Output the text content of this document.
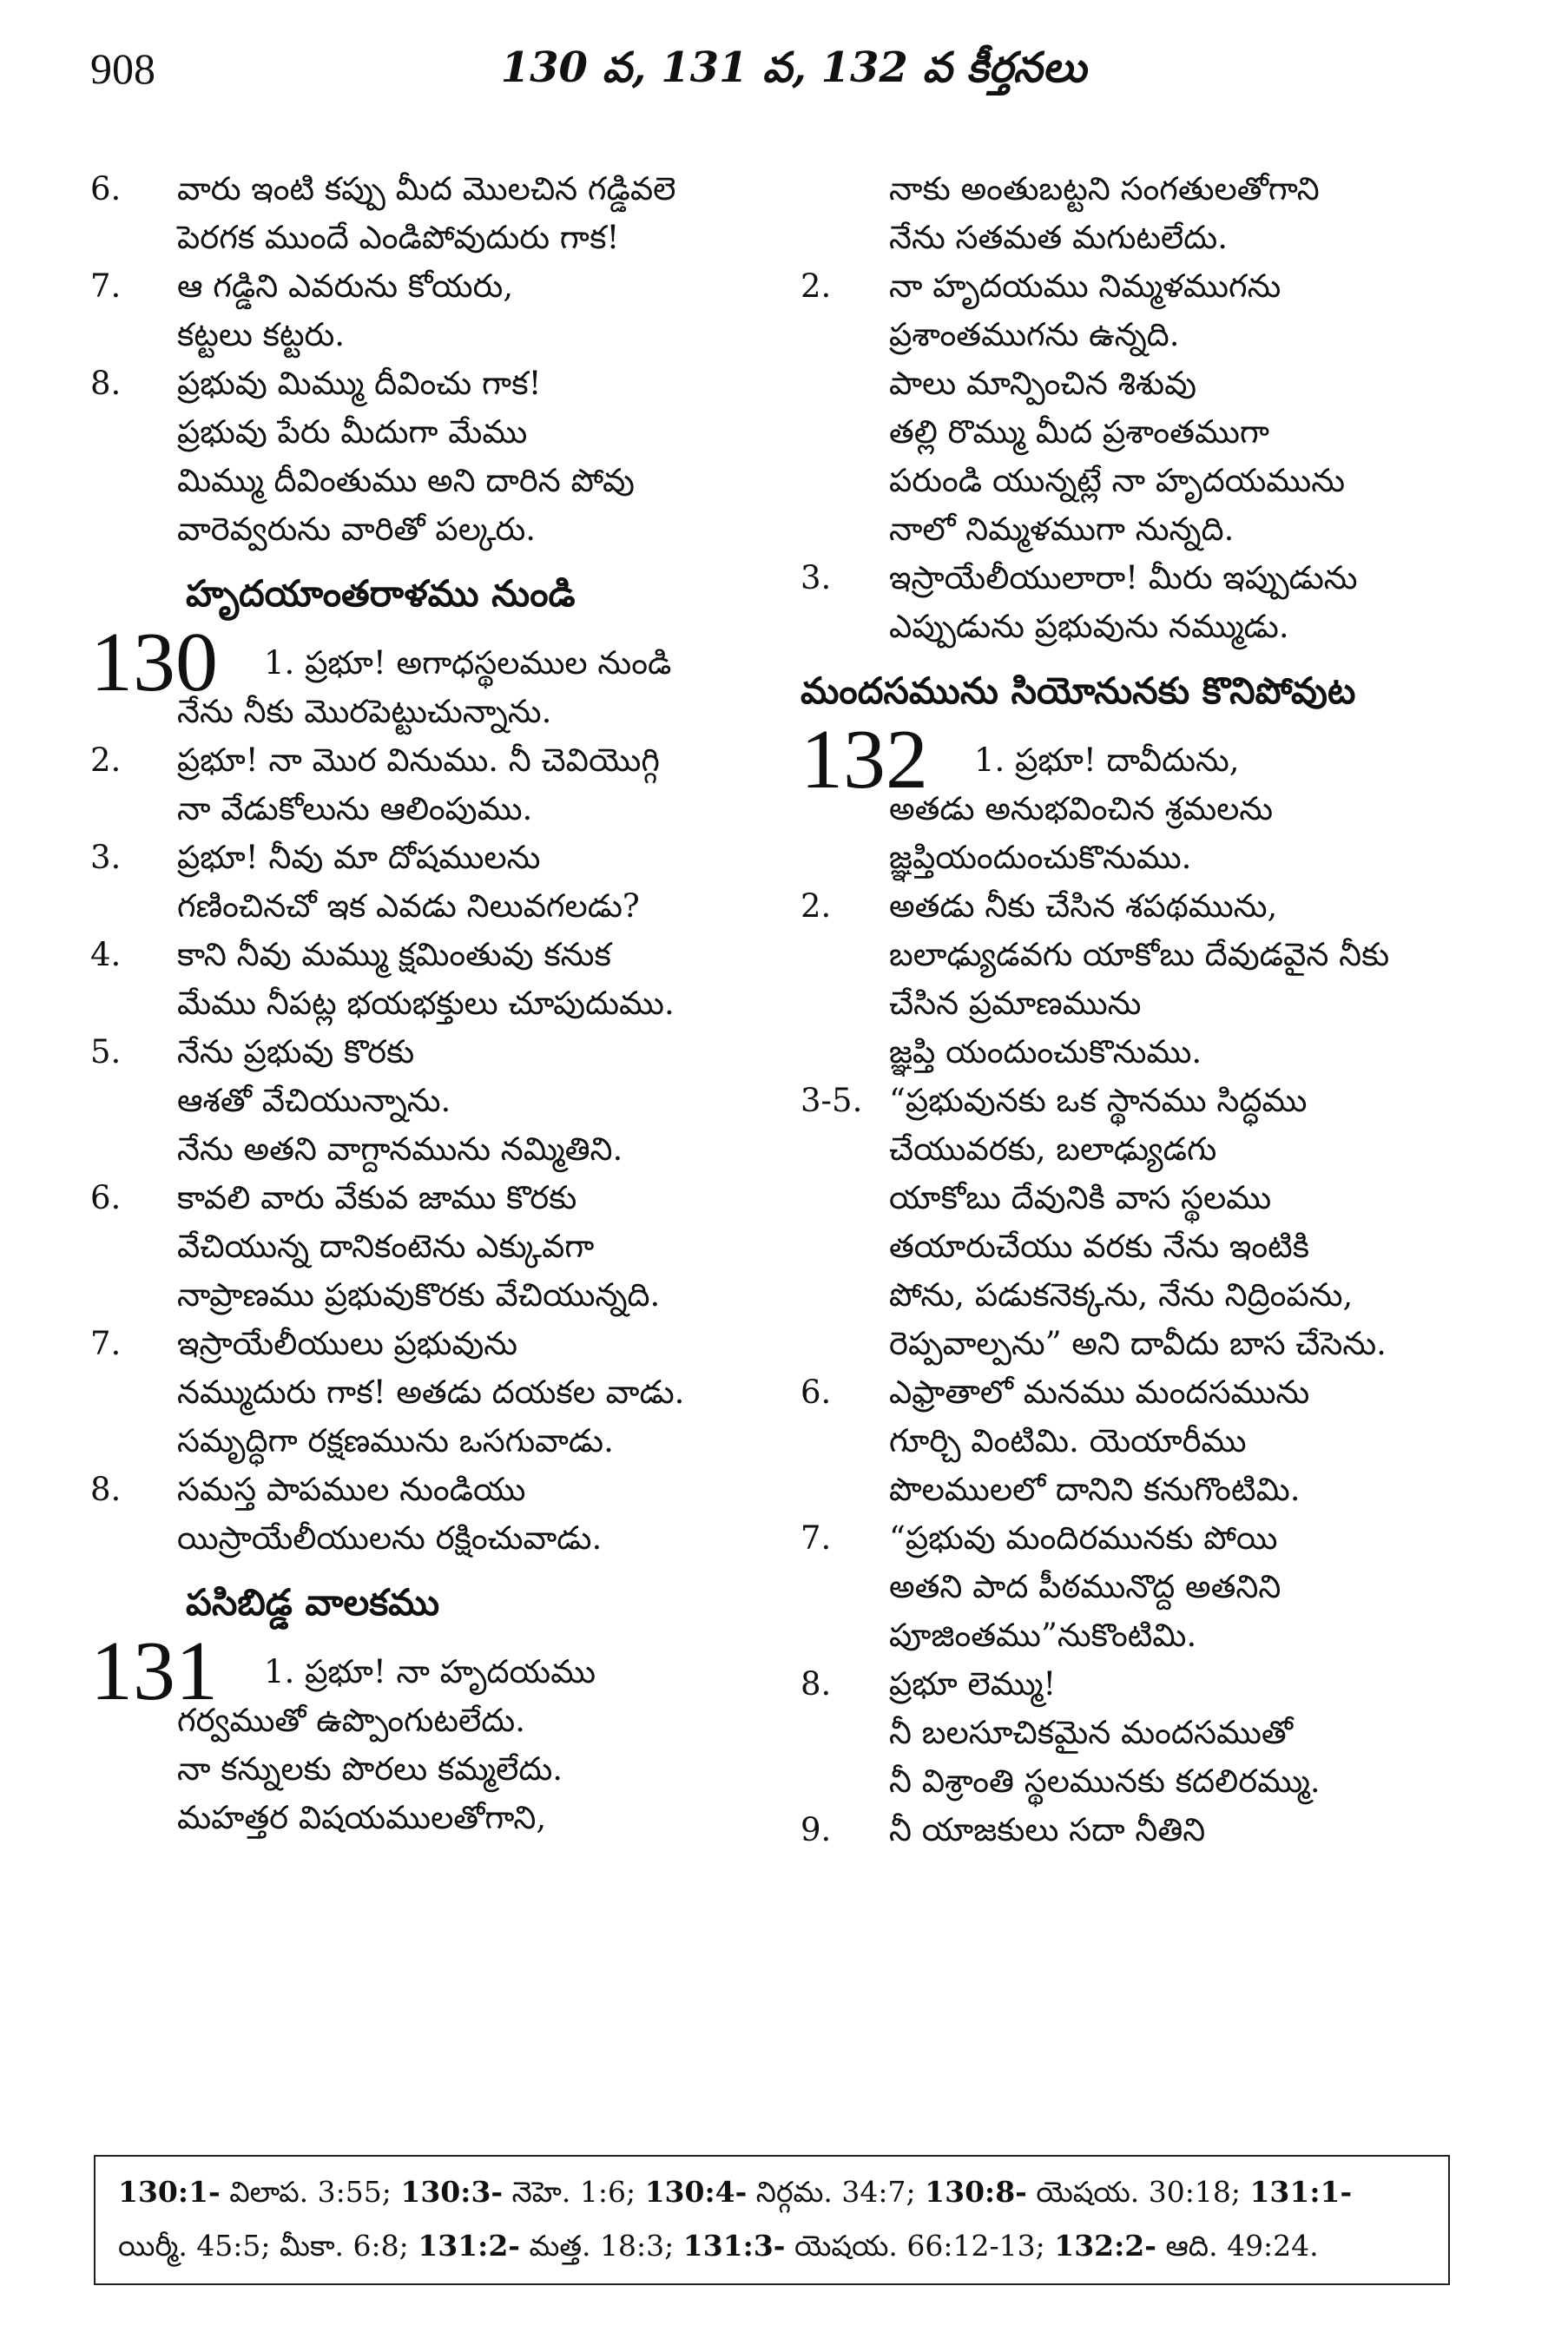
908	130 వ, 131 వ, 132 వ కీర్తనలు
6. వారు ఇంటి కప్పు మీద మొలచిన గడ్డివలె
పెరగక ముందే ఎండిపోవుదురు గాక!
7. ఆ గడ్డిని ఎవరును కోయరు,
కట్టలు కట్టరు.
8. ప్రభువు మిమ్ము దీవించు గాక!
ప్రభువు పేరు మీదుగా మేము
మిమ్ము దీవింతుము అని దారిన పోవు
వారెవ్వరును వారితో పల్కరు.
హృదయాంతరాళము నుండి
130 1. ప్రభూ! అగాధస్థలముల నుండి
నేను నీకు మొరపెట్టుచున్నాను.
2. ప్రభూ! నా మొర వినుము. నీ చెవియొగ్గి
నా వేడుకోలును ఆలింపుము.
3. ప్రభూ! నీవు మా దోషములను
గణించినచో ఇక ఎవడు నిలువగలడు?
4. కాని నీవు మమ్ము క్షమింతువు కనుక
మేము నీపట్ల భయభక్తులు చూపుదుము.
5. నేను ప్రభువు కొరకు
ఆశతో వేచియున్నాను.
నేను అతని వాగ్దానమును నమ్మితిని.
6. కావలి వారు వేకువ జాము కొరకు
వేచియున్న దానికంటెను ఎక్కువగా
నాప్రాణము ప్రభువుకొరకు వేచియున్నది.
7. ఇస్రాయేలీయులు ప్రభువును
నమ్ముదురు గాక! అతడు దయకల వాడు.
సమృద్ధిగా రక్షణమును ఒసగువాడు.
8. సమస్త పాపముల నుండియు
యిస్రాయేలీయులను రక్షించువాడు.
పసిబిడ్డ వాలకము
131 1. ప్రభూ! నా హృదయము
గర్వముతో ఉప్పొంగుటలేదు.
నా కన్నులకు పొరలు కమ్మలేదు.
మహత్తర విషయములతోగాని,
నాకు అంతుబట్టని సంగతులతోగాని
నేను సతమత మగుటలేదు.
2. నా హృదయము నిమ్మళముగను
ప్రశాంతముగను ఉన్నది.
పాలు మాన్పించిన శిశువు
తల్లి రొమ్ము మీద ప్రశాంతముగా
పరుండి యున్నట్లే నా హృదయమును
నాలో నిమ్మళముగా నున్నది.
3. ఇస్రాయేలీయులారా! మీరు ఇప్పుడును
ఎప్పుడును ప్రభువును నమ్ముడు.
మందసమును సియోనునకు కొనిపోవుట
132 1. ప్రభూ! దావీదును,
అతడు అనుభవించిన శ్రమలను
జ్ఞప్తియందుంచుకొనుము.
2. అతడు నీకు చేసిన శపథమును,
బలాఢ్యుడవగు యాకోబు దేవుడవైన నీకు
చేసిన ప్రమాణమును
జ్ఞప్తి యందుంచుకొనుము.
3-5. “ప్రభువునకు ఒక స్థానము సిద్ధము
చేయువరకు, బలాఢ్యుడగు
యాకోబు దేవునికి వాస స్థలము
తయారుచేయు వరకు నేను ఇంటికి
పోను, పడుకనెక్కను, నేను నిద్రింపను,
రెప్పవాల్పను” అని దావీదు బాస చేసెను.
6. ఎఫ్రాతాలో మనము మందసమును
గూర్చి వింటిమి. యెయారీము
పొలములలో దానిని కనుగొంటిమి.
7. “ప్రభువు మందిరమునకు పోయి
అతని పాద పీఠమునొద్ద అతనిని
పూజింతము”నుకొంటిమి.
8. ప్రభూ లెమ్ము!
నీ బలసూచికమైన మందసముతో
నీ విశ్రాంతి స్థలమునకు కదలిరమ్ము.
9. నీ యాజకులు సదా నీతిని
130:1- విలాప. 3:55; 130:3- నెహె. 1:6; 130:4- నిర్గమ. 34:7; 130:8- యెషయ. 30:18; 131:1-
యిర్మీ. 45:5; మీకా. 6:8; 131:2- మత్త. 18:3; 131:3- యెషయ. 66:12-13; 132:2- ఆది. 49:24.
